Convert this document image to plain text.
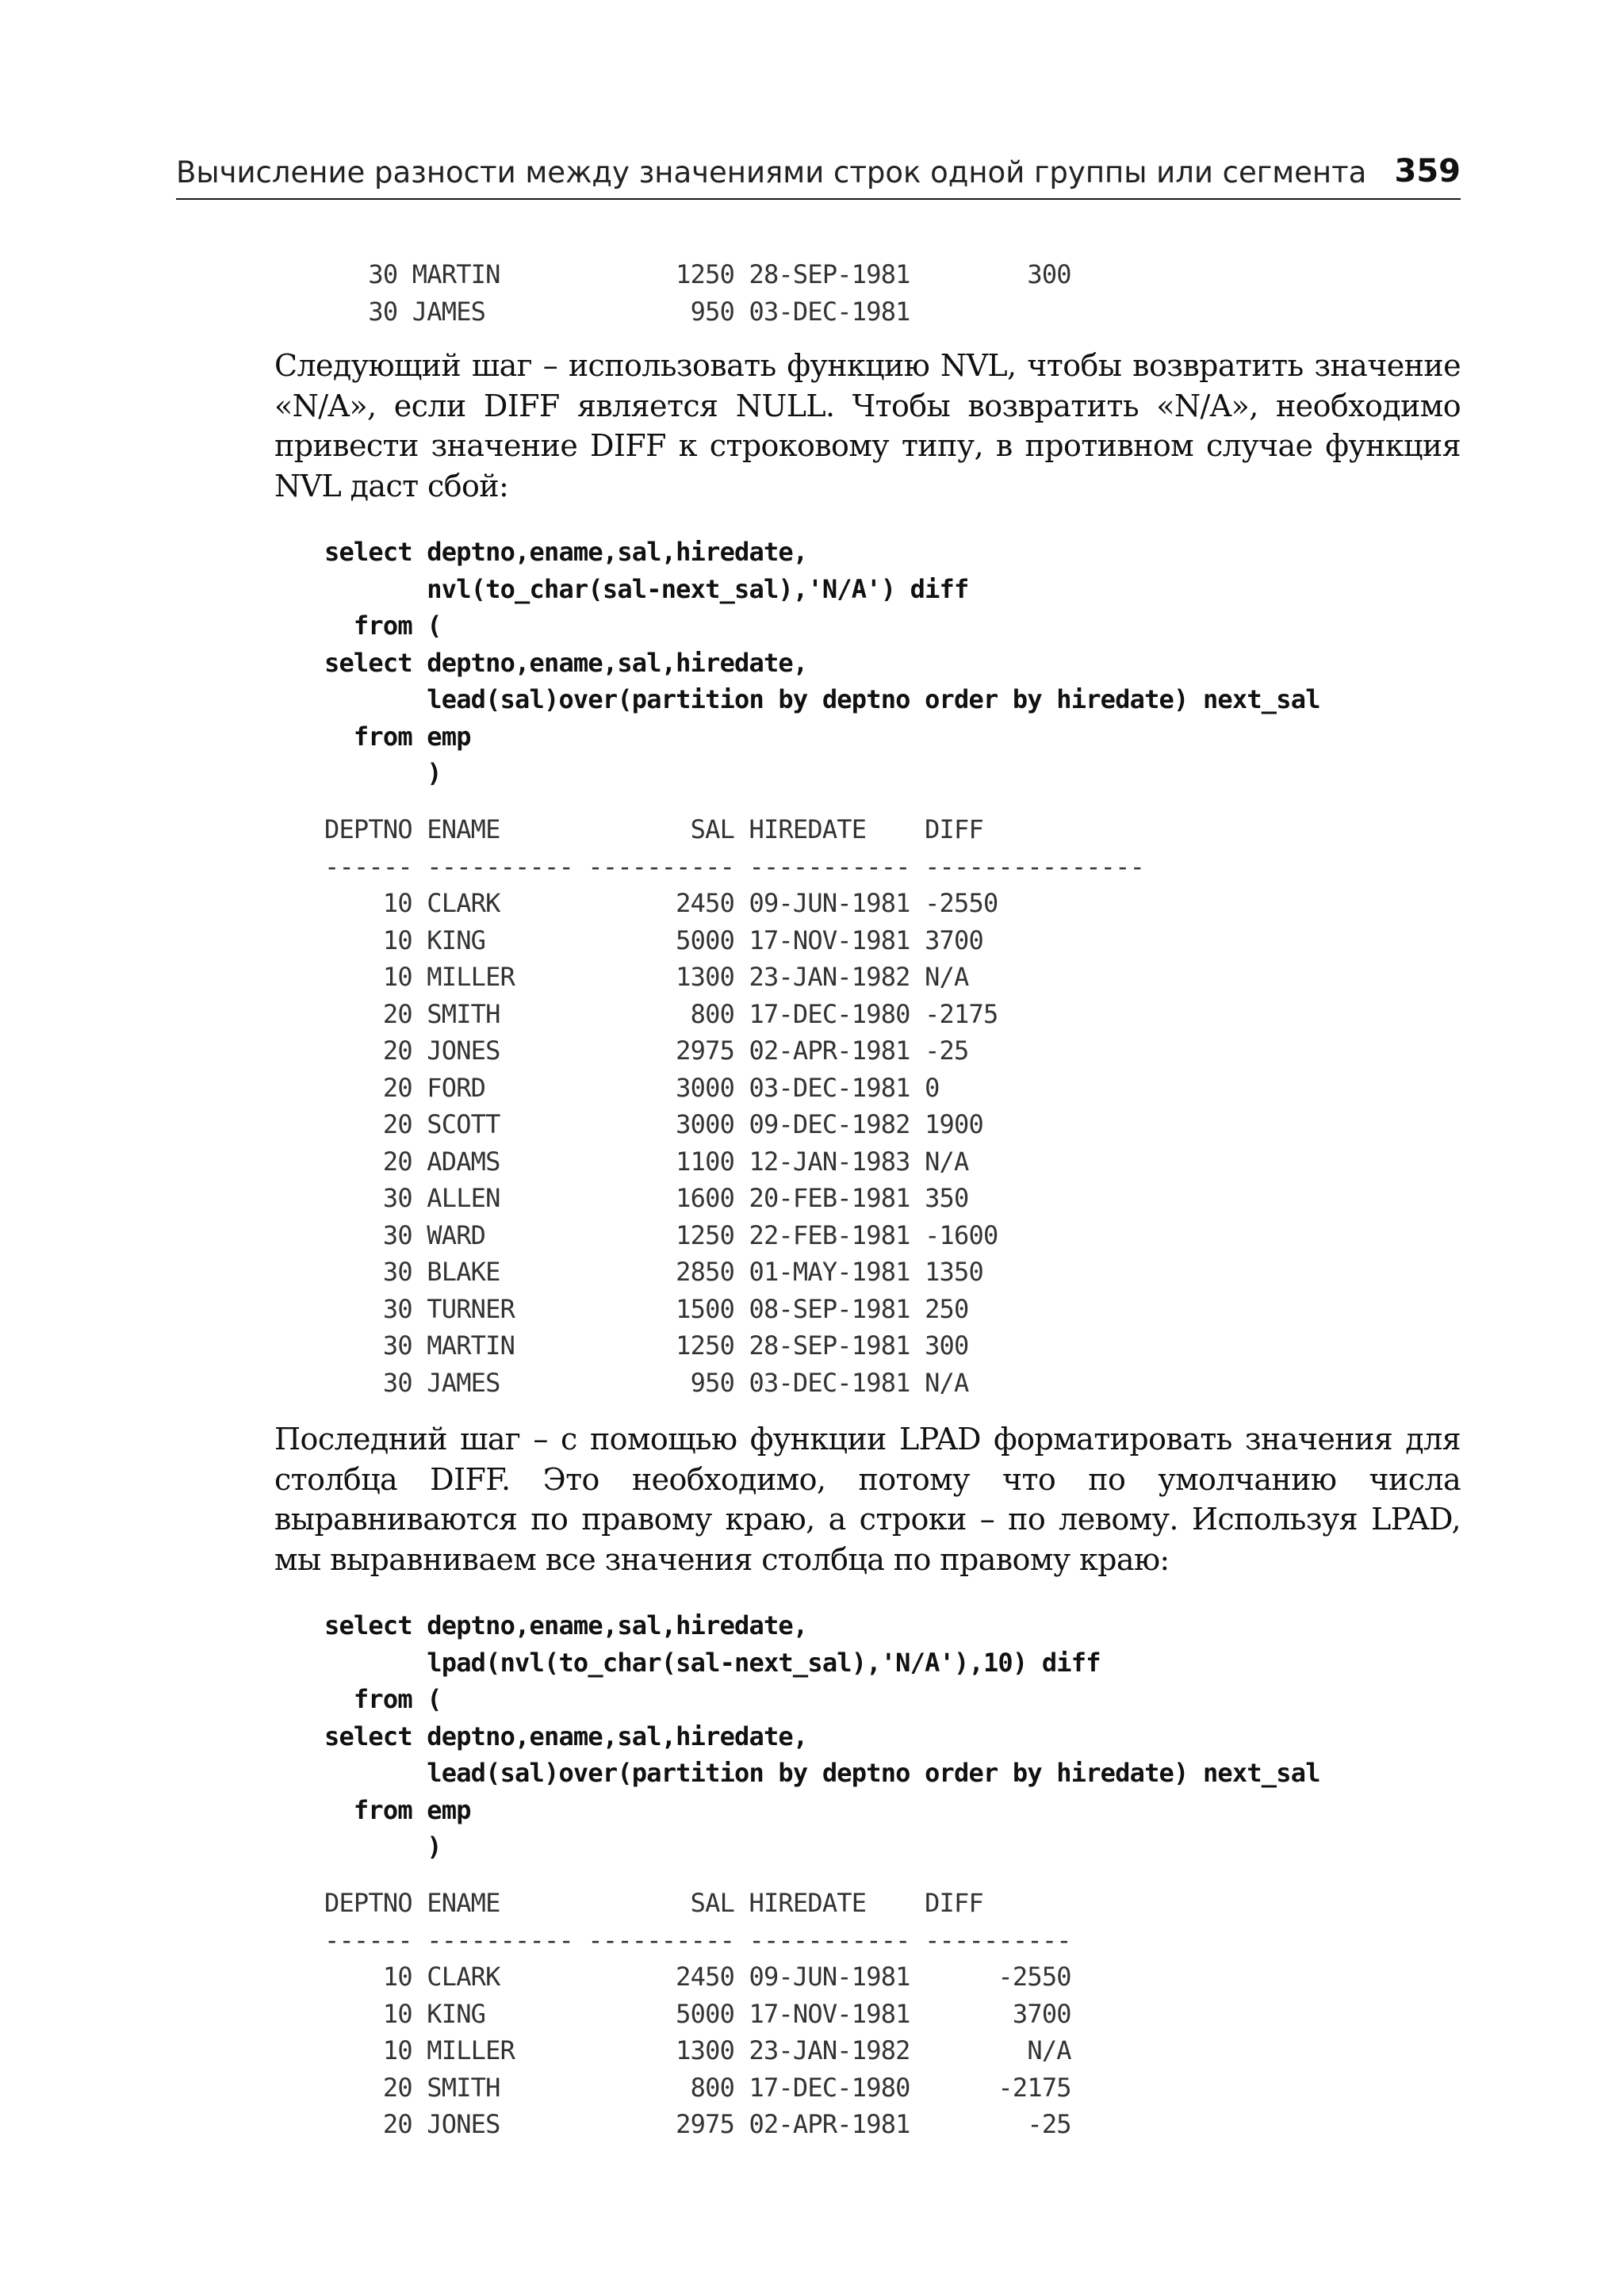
Вычисление разности между значениями строк одной группы или сегмента 359
30 MARTIN            1250 28-SEP-1981        300
30 JAMES              950 03-DEC-1981

Следующий шаг – использовать функцию NVL, чтобы возвратить значение «N/A», если DIFF является NULL. Чтобы возвратить «N/A», необходимо привести значение DIFF к строковому типу, в противном случае функция NVL даст сбой:

select deptno,ename,sal,hiredate,
nvl(to_char(sal-next_sal),'N/A') diff
from (
select deptno,ename,sal,hiredate,
lead(sal)over(partition by deptno order by hiredate) next_sal
from emp
)
DEPTNO ENAME             SAL HIREDATE    DIFF
------ ---------- ---------- ----------- ---------------
10 CLARK            2450 09-JUN-1981 -2550
10 KING             5000 17-NOV-1981 3700
10 MILLER           1300 23-JAN-1982 N/A
20 SMITH             800 17-DEC-1980 -2175
20 JONES            2975 02-APR-1981 -25
20 FORD             3000 03-DEC-1981 0
20 SCOTT            3000 09-DEC-1982 1900
20 ADAMS            1100 12-JAN-1983 N/A
30 ALLEN            1600 20-FEB-1981 350
30 WARD             1250 22-FEB-1981 -1600
30 BLAKE            2850 01-MAY-1981 1350
30 TURNER           1500 08-SEP-1981 250
30 MARTIN           1250 28-SEP-1981 300
30 JAMES             950 03-DEC-1981 N/A

Последний шаг – с помощью функции LPAD форматировать значения для столбца DIFF. Это необходимо, потому что по умолчанию числа выравниваются по правому краю, а строки – по левому. Используя LPAD, мы выравниваем все значения столбца по правому краю:

select deptno,ename,sal,hiredate,
lpad(nvl(to_char(sal-next_sal),'N/A'),10) diff
from (
select deptno,ename,sal,hiredate,
lead(sal)over(partition by deptno order by hiredate) next_sal
from emp
)
DEPTNO ENAME             SAL HIREDATE    DIFF
------ ---------- ---------- ----------- ----------
10 CLARK            2450 09-JUN-1981      -2550
10 KING             5000 17-NOV-1981       3700
10 MILLER           1300 23-JAN-1982        N/A
20 SMITH             800 17-DEC-1980      -2175
20 JONES            2975 02-APR-1981        -25
